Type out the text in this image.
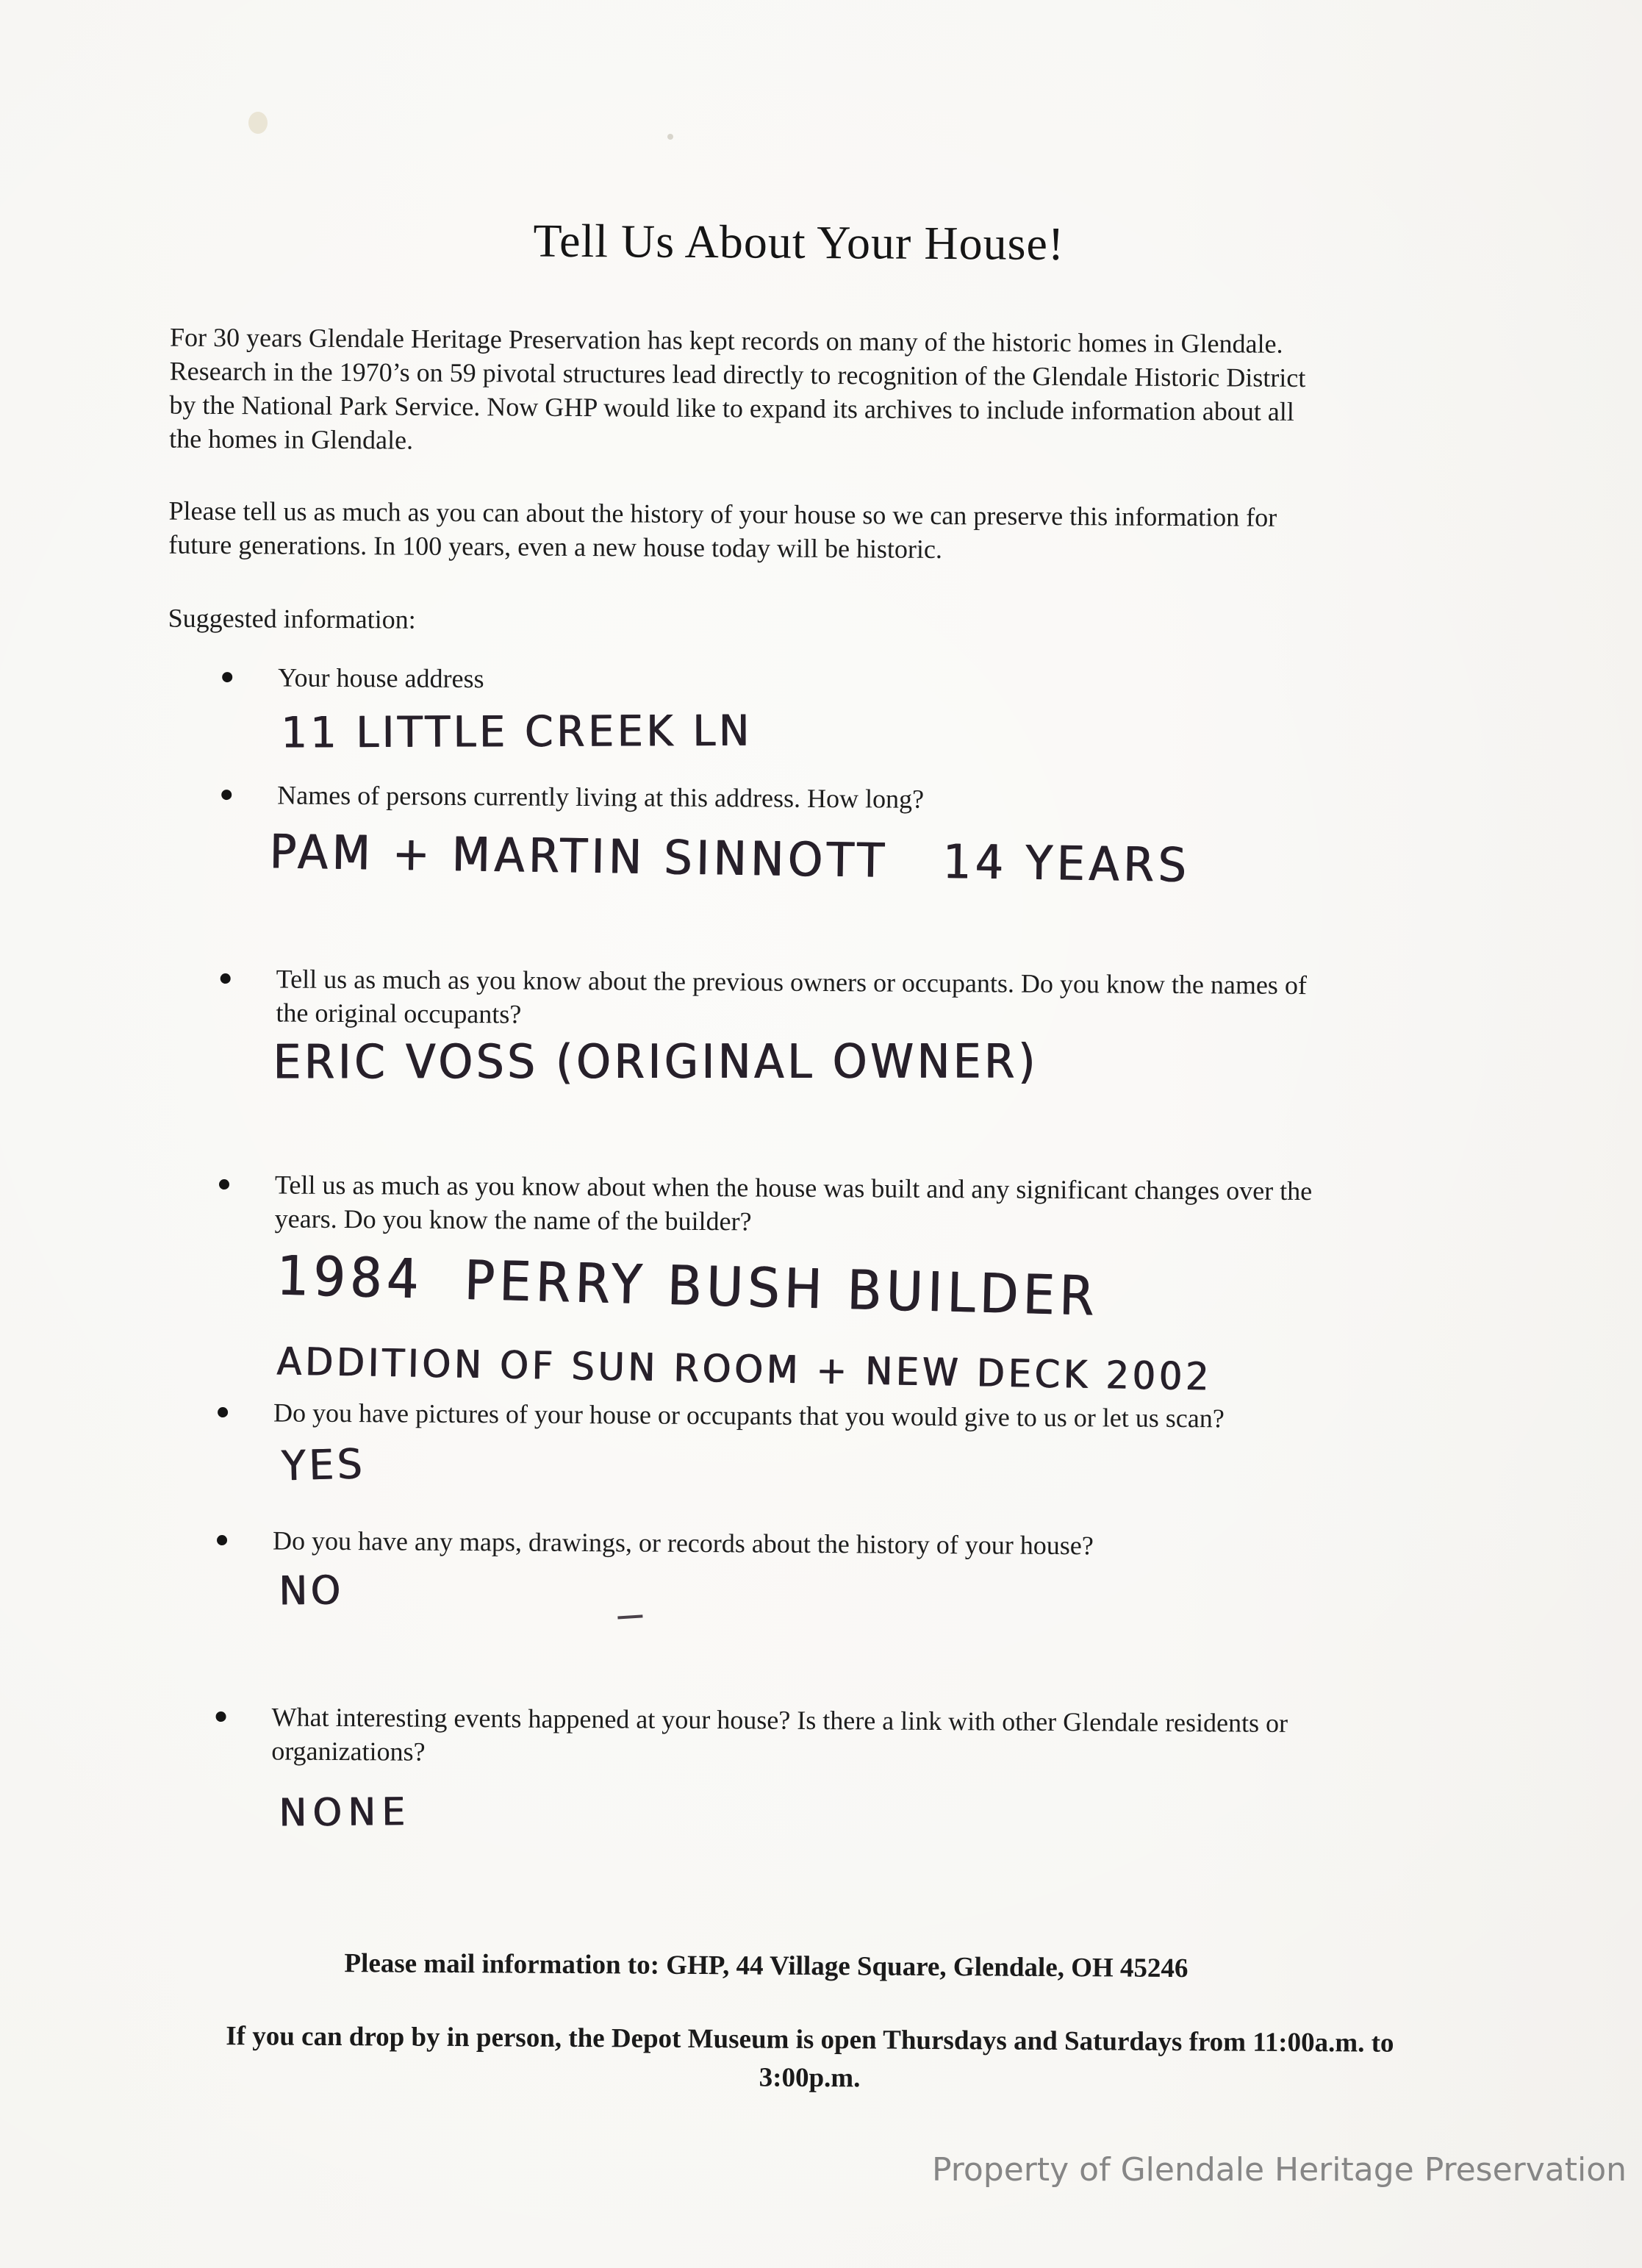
Tell Us About Your House!
For 30 years Glendale Heritage Preservation has kept records on many of the historic homes in Glendale.
Research in the 1970’s on 59 pivotal structures lead directly to recognition of the Glendale Historic District
by the National Park Service. Now GHP would like to expand its archives to include information about all
the homes in Glendale.
Please tell us as much as you can about the history of your house so we can preserve this information for
future generations. In 100 years, even a new house today will be historic.
Suggested information:
Your house address
11 LITTLE CREEK LN
Names of persons currently living at this address. How long?
PAM + MARTIN SINNOTT   14 YEARS
Tell us as much as you know about the previous owners or occupants. Do you know the names of
the original occupants?
ERIC VOSS (ORIGINAL OWNER)
Tell us as much as you know about when the house was built and any significant changes over the
years. Do you know the name of the builder?
1984  PERRY BUSH BUILDER
ADDITION OF SUN ROOM + NEW DECK 2002
Do you have pictures of your house or occupants that you would give to us or let us scan?
YES
Do you have any maps, drawings, or records about the history of your house?
NO
What interesting events happened at your house? Is there a link with other Glendale residents or
organizations?
NONE
Please mail information to: GHP, 44 Village Square, Glendale, OH 45246
If you can drop by in person, the Depot Museum is open Thursdays and Saturdays from 11:00a.m. to
3:00p.m.
Property of Glendale Heritage Preservation
